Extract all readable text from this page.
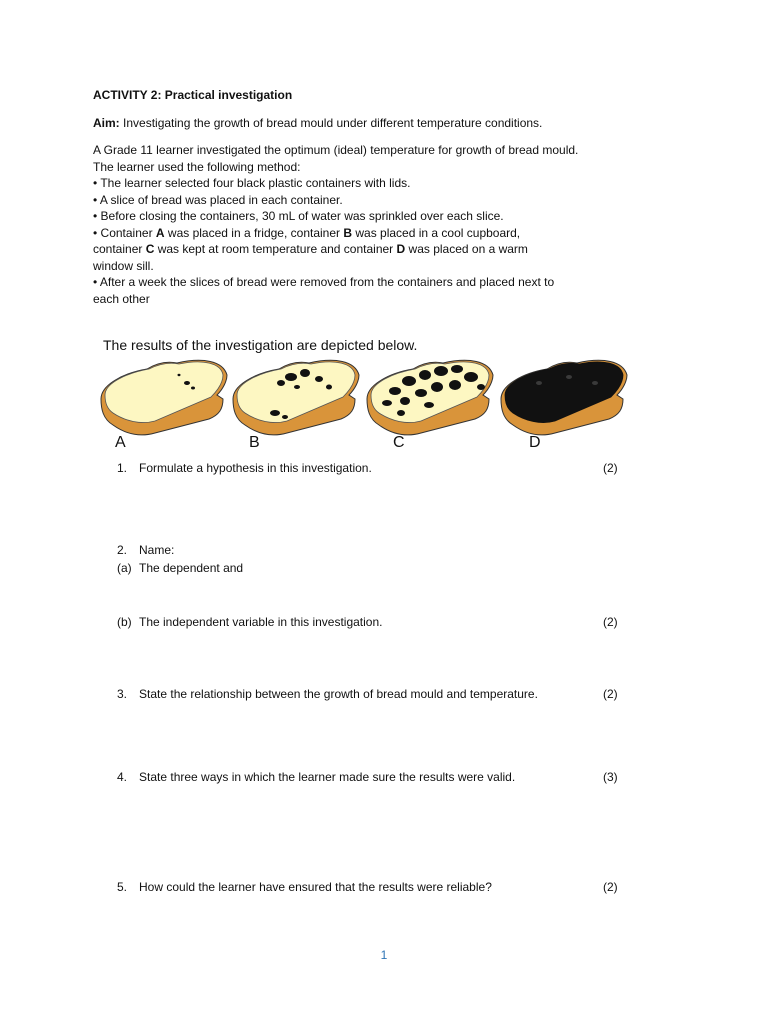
ACTIVITY 2: Practical investigation
Aim: Investigating the growth of bread mould under different temperature conditions.

A Grade 11 learner investigated the optimum (ideal) temperature for growth of bread mould.

The learner used the following method:

• The learner selected four black plastic containers with lids.

• A slice of bread was placed in each container.

• Before closing the containers, 30 mL of water was sprinkled over each slice.

• Container A was placed in a fridge, container B was placed in a cool cupboard, container C was kept at room temperature and container D was placed on a warm window sill.

• After a week the slices of bread were removed from the containers and placed next to each other

The results of the investigation are depicted below.
A	B	C	D
1. Formulate a hypothesis in this investigation.	(2)
2. Name:
(a) The dependent and
(b) The independent variable in this investigation.	(2)
3. State the relationship between the growth of bread mould and temperature.	(2)
4. State three ways in which the learner made sure the results were valid.	(3)
5. How could the learner have ensured that the results were reliable?	(2)
1
